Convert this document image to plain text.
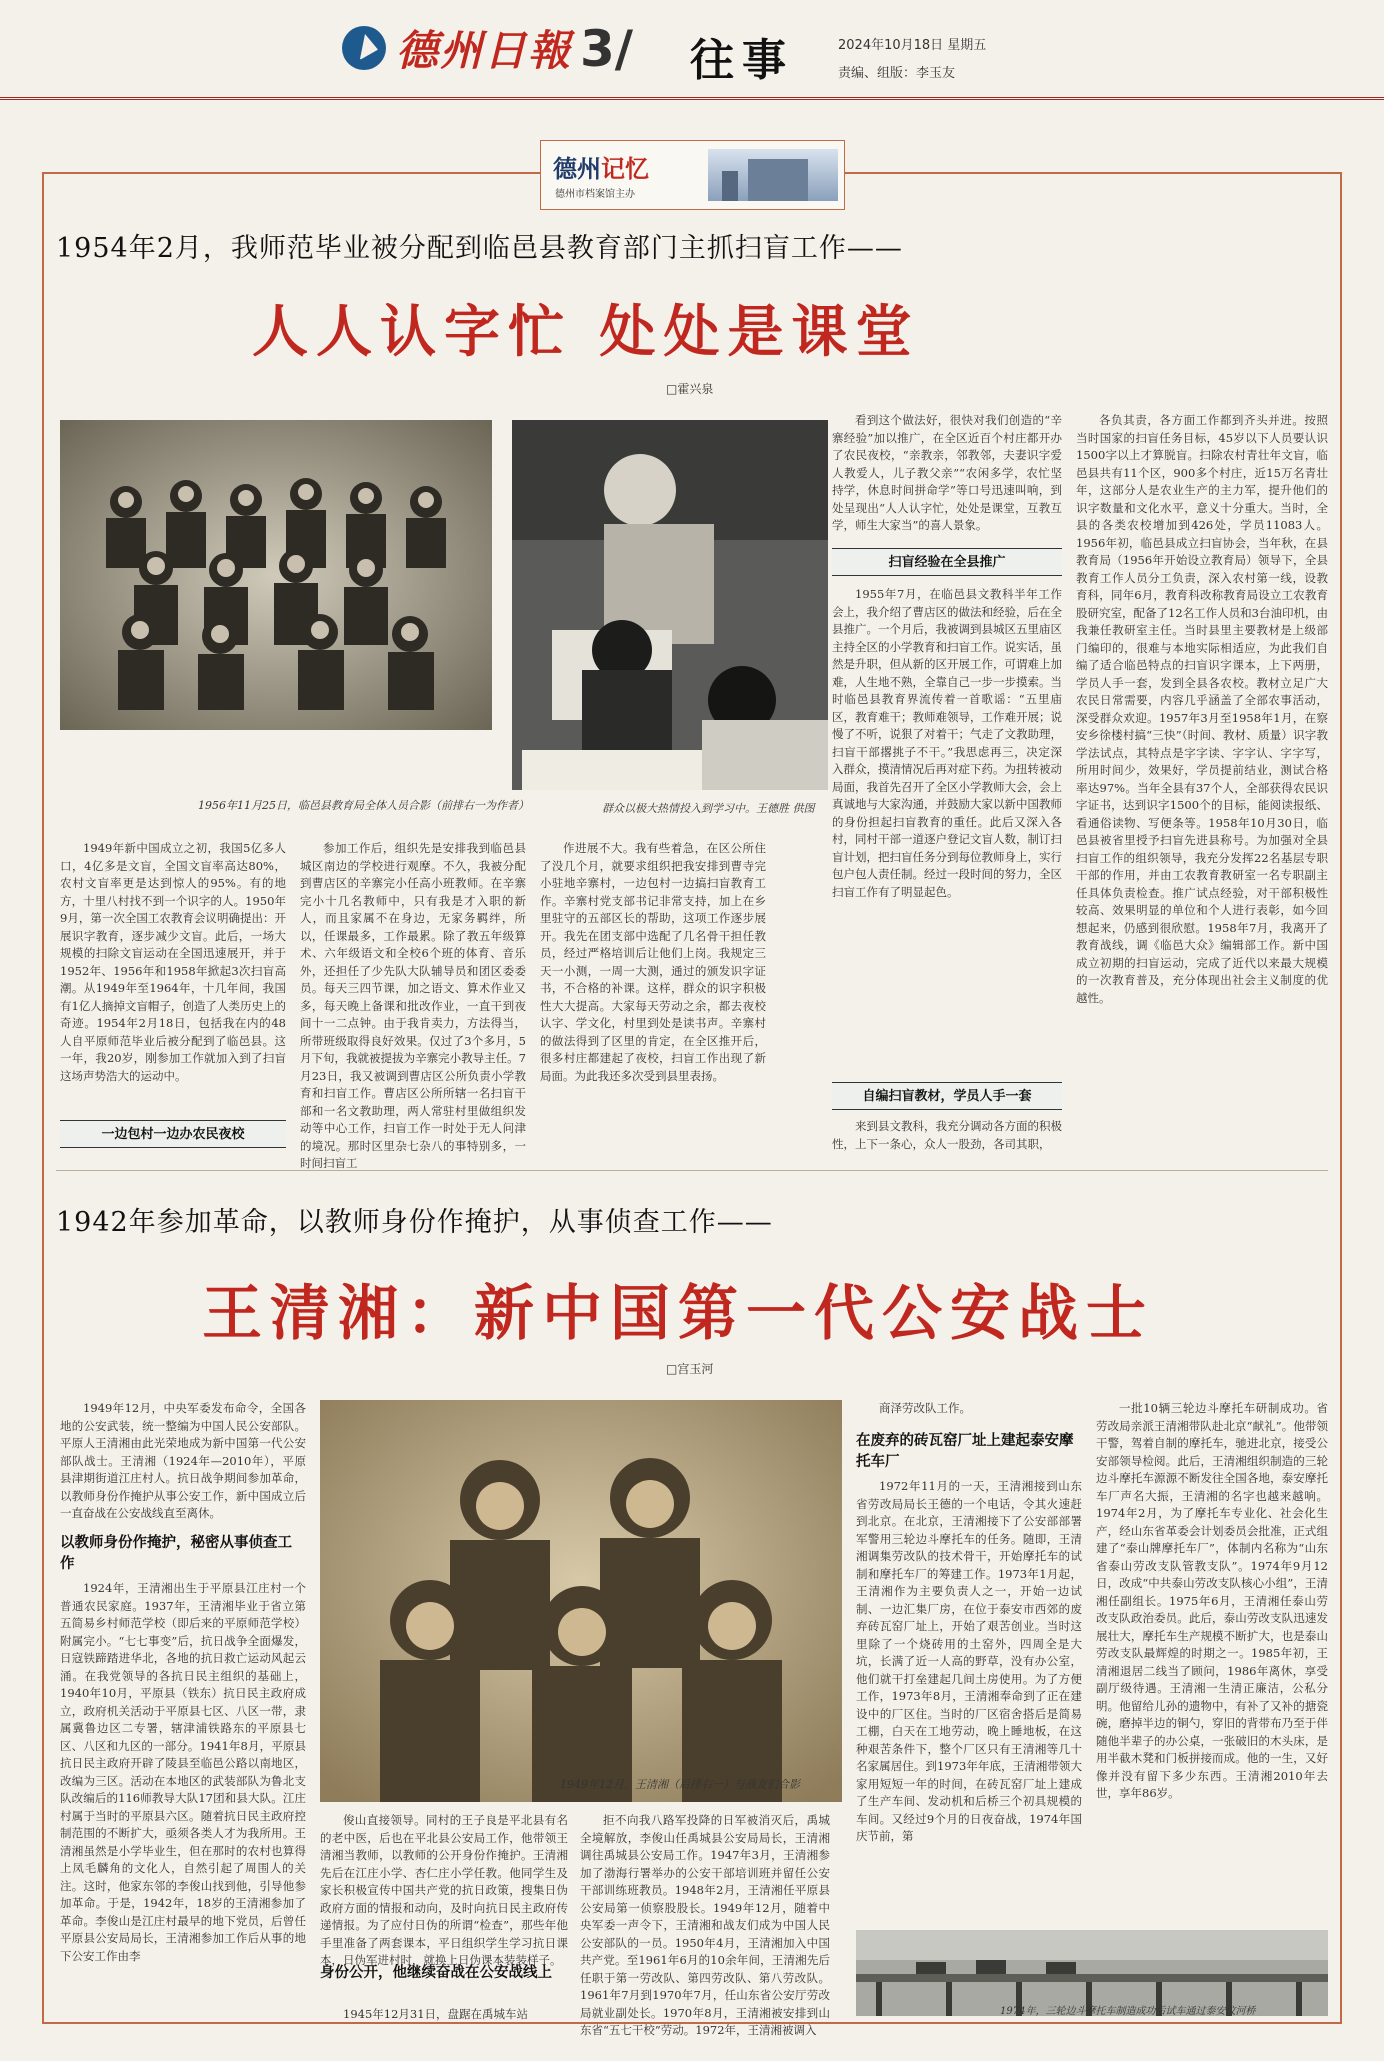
德州日報 3/ 往事	2024年10月18日 星期五
责编、组版：李玉友
德州记忆
德州市档案馆主办
1954年2月，我师范毕业被分配到临邑县教育部门主抓扫盲工作——
人人认字忙 处处是课堂
□霍兴泉
1956年11月25日，临邑县教育局全体人员合影（前排右一为作者）	群众以极大热情投入到学习中。王德胜 供图

1949年新中国成立之初，我国5亿多人口，4亿多是文盲，全国文盲率高达80%，农村文盲率更是达到惊人的95%。有的地方，十里八村找不到一个识字的人。1950年9月，第一次全国工农教育会议明确提出：开展识字教育，逐步减少文盲。此后，一场大规模的扫除文盲运动在全国迅速展开，并于1952年、1956年和1958年掀起3次扫盲高潮。从1949年至1964年，十几年间，我国有1亿人摘掉文盲帽子，创造了人类历史上的奇迹。1954年2月18日，包括我在内的48人自平原师范毕业后被分配到了临邑县。这一年，我20岁，刚参加工作就加入到了扫盲这场声势浩大的运动中。

一边包村一边办农民夜校

参加工作后，组织先是安排我到临邑县城区南边的学校进行观摩。不久，我被分配到曹店区的辛寨完小任高小班教师。在辛寨完小十几名教师中，只有我是才入职的新人，而且家属不在身边，无家务羁绊，所以，任课最多，工作最累。除了教五年级算术、六年级语文和全校6个班的体育、音乐外，还担任了少先队大队辅导员和团区委委员。每天三四节课，加之语文、算术作业又多，每天晚上备课和批改作业，一直干到夜间十一二点钟。由于我肯卖力，方法得当，所带班级取得良好效果。仅过了3个多月，5月下旬，我就被提拔为辛寨完小教导主任。7月23日，我又被调到曹店区公所负责小学教育和扫盲工作。曹店区公所所辖一名扫盲干部和一名文教助理，两人常驻村里做组织发动等中心工作，扫盲工作一时处于无人问津的境况。那时区里杂七杂八的事特别多，一时间扫盲工

作进展不大。我有些着急，在区公所住了没几个月，就要求组织把我安排到曹寺完小驻地辛寨村，一边包村一边搞扫盲教育工作。辛寨村党支部书记非常支持，加上在乡里驻守的五部区长的帮助，这项工作逐步展开。我先在团支部中选配了几名骨干担任教员，经过严格培训后让他们上岗。我规定三天一小测，一周一大测，通过的颁发识字证书，不合格的补课。这样，群众的识字积极性大大提高。大家每天劳动之余，都去夜校认字、学文化，村里到处是读书声。辛寨村的做法得到了区里的肯定，在全区推开后，很多村庄都建起了夜校，扫盲工作出现了新局面。为此我还多次受到县里表扬。

看到这个做法好，很快对我们创造的“辛寨经验”加以推广，在全区近百个村庄都开办了农民夜校，“亲教亲，邻教邻，夫妻识字爱人教爱人，儿子教父亲”“农闲多学，农忙坚持学，休息时间拼命学”等口号迅速叫响，到处呈现出“人人认字忙，处处是课堂，互教互学，师生大家当”的喜人景象。

扫盲经验在全县推广

1955年7月，在临邑县文教科半年工作会上，我介绍了曹店区的做法和经验，后在全县推广。一个月后，我被调到县城区五里庙区主持全区的小学教育和扫盲工作。说实话，虽然是升职，但从新的区开展工作，可谓难上加难，人生地不熟，全靠自己一步一步摸索。当时临邑县教育界流传着一首歌谣：“五里庙区，教育难干；教师难领导，工作难开展；说慢了不听，说狠了对着干；气走了文教助理，扫盲干部撂挑子不干。”我思虑再三，决定深入群众，摸清情况后再对症下药。为扭转被动局面，我首先召开了全区小学教师大会，会上真诚地与大家沟通，并鼓励大家以新中国教师的身份担起扫盲教育的重任。此后又深入各村，同村干部一道逐户登记文盲人数，制订扫盲计划，把扫盲任务分到每位教师身上，实行包户包人责任制。经过一段时间的努力，全区扫盲工作有了明显起色。

自编扫盲教材，学员人手一套

来到县文教科，我充分调动各方面的积极性，上下一条心，众人一股劲，各司其职，

各负其责，各方面工作都到齐头并进。按照当时国家的扫盲任务目标，45岁以下人员要认识1500字以上才算脱盲。扫除农村青壮年文盲，临邑县共有11个区，900多个村庄，近15万名青壮年，这部分人是农业生产的主力军，提升他们的识字数量和文化水平，意义十分重大。当时，全县的各类农校增加到426处，学员11083人。1956年初，临邑县成立扫盲协会，当年秋，在县教育局（1956年开始设立教育局）领导下，全县教育工作人员分工负责，深入农村第一线，设教育科，同年6月，教育科改称教育局设立工农教育股研究室，配备了12名工作人员和3台油印机，由我兼任教研室主任。当时县里主要教材是上级部门编印的，很难与本地实际相适应，为此我们自编了适合临邑特点的扫盲识字课本，上下两册，学员人手一套，发到全县各农校。教材立足广大农民日常需要，内容几乎涵盖了全部农事活动，深受群众欢迎。1957年3月至1958年1月，在察安乡徐楼村搞“三快”（时间、教材、质量）识字教学法试点，其特点是字字读、字字认、字字写，所用时间少，效果好，学员提前结业，测试合格率达97%。当年全县有37个人，全部获得农民识字证书，达到识字1500个的目标，能阅读报纸、看通俗读物、写便条等。1958年10月30日，临邑县被省里授予扫盲先进县称号。为加强对全县扫盲工作的组织领导，我充分发挥22名基层专职干部的作用，并由工农教育教研室一名专职副主任具体负责检查。推广试点经验，对干部积极性较高、效果明显的单位和个人进行表彰，如今回想起来，仍感到很欣慰。1958年7月，我离开了教育战线，调《临邑大众》编辑部工作。新中国成立初期的扫盲运动，完成了近代以来最大规模的一次教育普及，充分体现出社会主义制度的优越性。

1942年参加革命，以教师身份作掩护，从事侦查工作——
王清湘：新中国第一代公安战士
□宫玉河
1949年12月，王清湘（后排右一）与战友们合影

1949年12月，中央军委发布命令，全国各地的公安武装，统一整编为中国人民公安部队。平原人王清湘由此光荣地成为新中国第一代公安部队战士。王清湘（1924年—2010年），平原县津期街道江庄村人。抗日战争期间参加革命，以教师身份作掩护从事公安工作，新中国成立后一直奋战在公安战线直至离休。

以教师身份作掩护，秘密从事侦查工作

1924年，王清湘出生于平原县江庄村一个普通农民家庭。1937年，王清湘毕业于省立第五简易乡村师范学校（即后来的平原师范学校）附属完小。“七七事变”后，抗日战争全面爆发，日寇铁蹄踏进华北，各地的抗日救亡运动风起云涌。在我党领导的各抗日民主组织的基础上，1940年10月，平原县（铁东）抗日民主政府成立，政府机关活动于平原县七区、八区一带，隶属冀鲁边区二专署，辖津浦铁路东的平原县七区、八区和九区的一部分。1941年8月，平原县抗日民主政府开辟了陵县至临邑公路以南地区，改编为三区。活动在本地区的武装部队为鲁北支队改编后的116师教导大队17团和县大队。江庄村属于当时的平原县六区。随着抗日民主政府控制范围的不断扩大，亟须各类人才为我所用。王清湘虽然是小学毕业生，但在那时的农村也算得上凤毛麟角的文化人，自然引起了周围人的关注。这时，他家东邻的李俊山找到他，引导他参加革命。于是，1942年，18岁的王清湘参加了革命。李俊山是江庄村最早的地下党员，后曾任平原县公安局局长，王清湘参加工作后从事的地下公安工作由李

俊山直接领导。同村的王子良是平北县有名的老中医，后也在平北县公安局工作，他带领王清湘当教师，以教师的公开身份作掩护。王清湘先后在江庄小学、杏仁庄小学任教。他同学生及家长积极宣传中国共产党的抗日政策，搜集日伪政府方面的情报和动向，及时向抗日民主政府传递情报。为了应付日伪的所谓“检查”，那些年他手里准备了两套课本，平日组织学生学习抗日课本，日伪军进村时，就换上日伪课本装装样子。

身份公开，他继续奋战在公安战线上

1945年12月31日，盘踞在禹城车站

拒不向我八路军投降的日军被消灭后，禹城全境解放，李俊山任禹城县公安局局长，王清湘调往禹城县公安局工作。1947年3月，王清湘参加了渤海行署举办的公安干部培训班并留任公安干部训练班教员。1948年2月，王清湘任平原县公安局第一侦察股股长。1949年12月，随着中央军委一声令下，王清湘和战友们成为中国人民公安部队的一员。1950年4月，王清湘加入中国共产党。至1961年6月的10余年间，王清湘先后任职于第一劳改队、第四劳改队、第八劳改队。1961年7月到1970年7月，任山东省公安厅劳改局就业副处长。1970年8月，王清湘被安排到山东省“五七干校”劳动。1972年，王清湘被调入

商泽劳改队工作。

在废弃的砖瓦窑厂址上建起泰安摩托车厂

1972年11月的一天，王清湘接到山东省劳改局局长王德的一个电话，令其火速赶到北京。在北京，王清湘接下了公安部部署军警用三轮边斗摩托车的任务。随即，王清湘调集劳改队的技术骨干，开始摩托车的试制和摩托车厂的筹建工作。1973年1月起，王清湘作为主要负责人之一，开始一边试制、一边汇集厂房，在位于泰安市西郊的废弃砖瓦窑厂址上，开始了艰苦创业。当时这里除了一个烧砖用的土窑外，四周全是大坑，长满了近一人高的野草，没有办公室，他们就干打垒建起几间土房使用。为了方便工作，1973年8月，王清湘奉命到了正在建设中的厂区住。当时的厂区宿舍搭后是简易工棚，白天在工地劳动，晚上睡地板，在这种艰苦条件下，整个厂区只有王清湘等几十名家属居住。到1973年年底，王清湘带领大家用短短一年的时间，在砖瓦窑厂址上建成了生产车间、发动机和后桥三个初具规模的车间。又经过9个月的日夜奋战，1974年国庆节前，第

一批10辆三轮边斗摩托车研制成功。省劳改局亲派王清湘带队赴北京“献礼”。他带领干警，驾着自制的摩托车，驰进北京，接受公安部领导检阅。此后，王清湘组织制造的三轮边斗摩托车源源不断发往全国各地，泰安摩托车厂声名大振，王清湘的名字也越来越响。1974年2月，为了摩托车专业化、社会化生产，经山东省革委会计划委员会批准，正式组建了“泰山牌摩托车厂”，体制内名称为“山东省泰山劳改支队管教支队”。1974年9月12日，改成“中共泰山劳改支队核心小组”，王清湘任副组长。1975年6月，王清湘任泰山劳改支队政治委员。此后，泰山劳改支队迅速发展壮大，摩托车生产规模不断扩大，也是泰山劳改支队最辉煌的时期之一。1985年初，王清湘退居二线当了顾问，1986年离休，享受副厅级待遇。王清湘一生清正廉洁，公私分明。他留给儿孙的遗物中，有补了又补的搪瓷碗，磨掉半边的铜勺，穿旧的背带布乃至于伴随他半辈子的办公桌，一张破旧的木头床，是用半截木凳和门板拼接而成。他的一生，又好像并没有留下多少东西。王清湘2010年去世，享年86岁。

1974年，三轮边斗摩托车制造成功后试车通过泰安汶河桥
